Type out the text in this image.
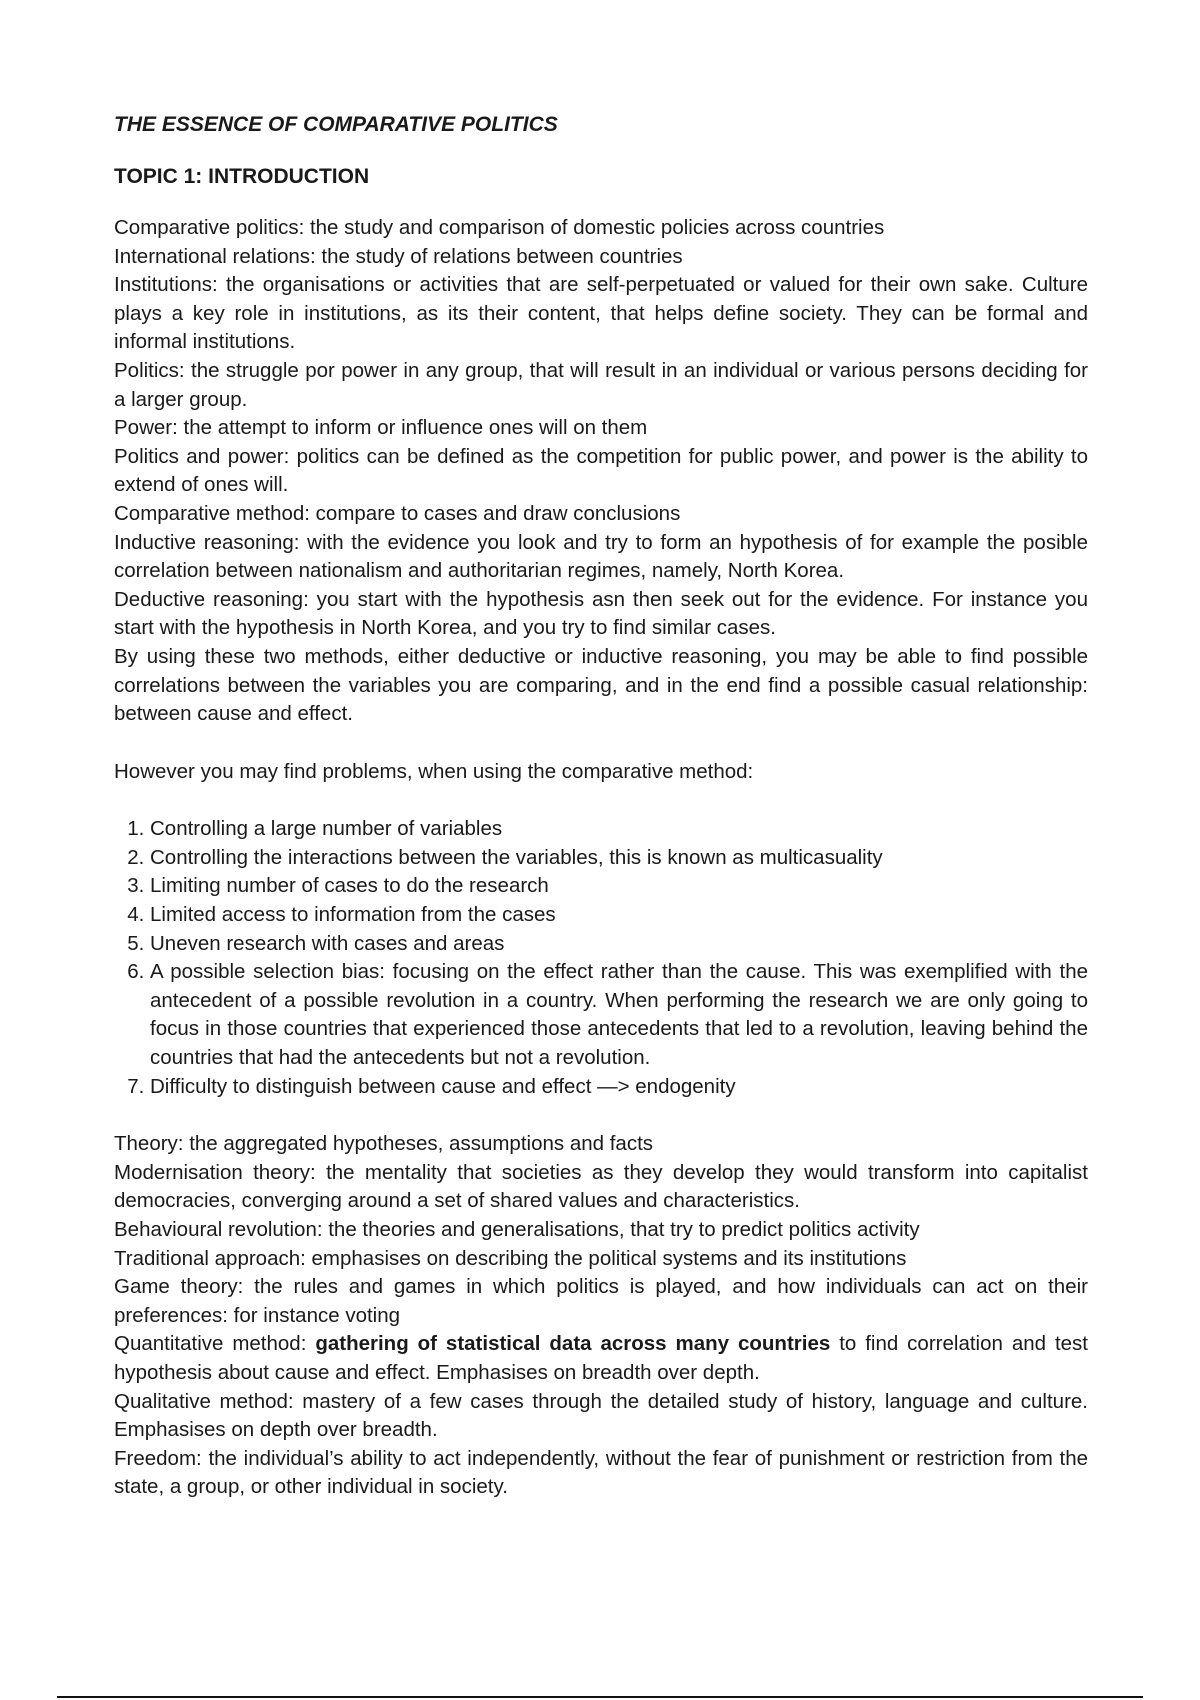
THE ESSENCE OF COMPARATIVE POLITICS
TOPIC 1: INTRODUCTION

Comparative politics: the study and comparison of domestic policies across countries

International relations: the study of relations between countries

Institutions: the organisations or activities that are self-perpetuated or valued for their own sake. Culture plays a key role in institutions, as its their content, that helps define society. They can be formal and informal institutions.

Politics: the struggle por power in any group, that will result in an individual or various persons deciding for a larger group.

Power: the attempt to inform or influence ones will on them

Politics and power: politics can be defined as the competition for public power, and power is the ability to extend of ones will.

Comparative method: compare to cases and draw conclusions

Inductive reasoning: with the evidence you look and try to form an hypothesis of for example the posible correlation between nationalism and authoritarian regimes, namely, North Korea.

Deductive reasoning: you start with the hypothesis asn then seek out for the evidence. For instance you start with the hypothesis in North Korea, and you try to find similar cases.

By using these two methods, either deductive or inductive reasoning, you may be able to find possible correlations between the variables you are comparing, and in the end find a possible casual relationship: between cause and effect.

However you may find problems, when using the comparative method:

1. Controlling a large number of variables
2. Controlling the interactions between the variables, this is known as multicasuality
3. Limiting number of cases to do the research
4. Limited access to information from the cases
5. Uneven research with cases and areas
6. A possible selection bias: focusing on the effect rather than the cause. This was exemplified with the antecedent of a possible revolution in a country. When performing the research we are only going to focus in those countries that experienced those antecedents that led to a revolution, leaving behind the countries that had the antecedents but not a revolution.
7. Difficulty to distinguish between cause and effect —> endogenity

Theory: the aggregated hypotheses, assumptions and facts

Modernisation theory: the mentality that societies as they develop they would transform into capitalist democracies, converging around a set of shared values and characteristics.

Behavioural revolution: the theories and generalisations, that try to predict politics activity

Traditional approach: emphasises on describing the political systems and its institutions

Game theory: the rules and games in which politics is played, and how individuals can act on their preferences: for instance voting

Quantitative method: gathering of statistical data across many countries to find correlation and test hypothesis about cause and effect. Emphasises on breadth over depth.

Qualitative method: mastery of a few cases through the detailed study of history, language and culture. Emphasises on depth over breadth.

Freedom: the individual’s ability to act independently, without the fear of punishment or restriction from the state, a group, or other individual in society.
